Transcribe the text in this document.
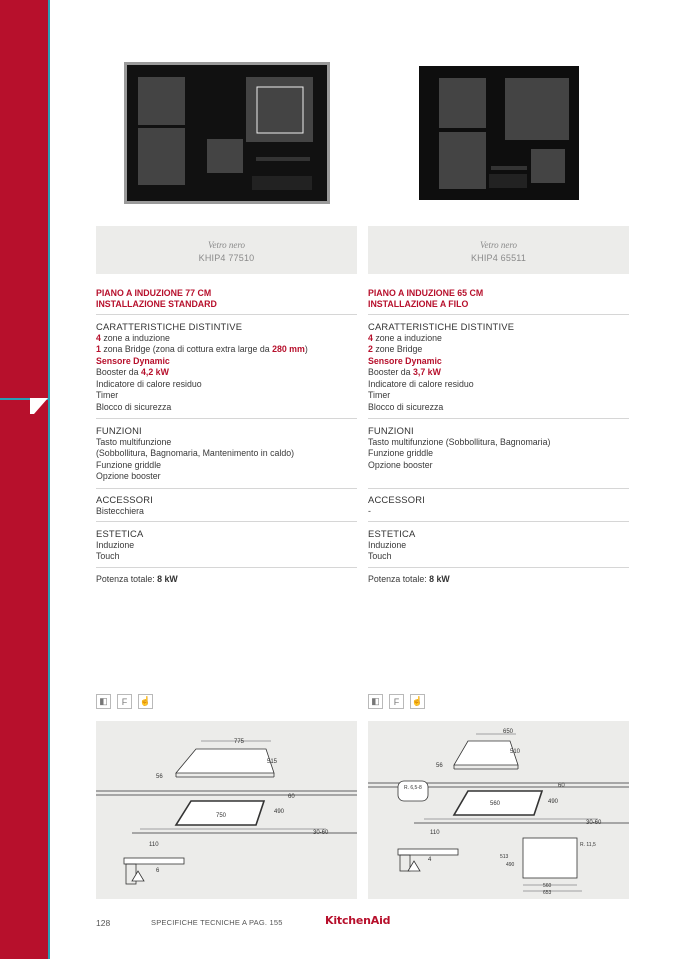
Vetro nero
KHIP4 77510
PIANO A INDUZIONE 77 CM
INSTALLAZIONE STANDARD
CARATTERISTICHE DISTINTIVE
4 zone a induzione
1 zona Bridge (zona di cottura extra large da 280 mm)
Sensore Dynamic
Booster da 4,2 kW
Indicatore di calore residuo
Timer
Blocco di sicurezza
FUNZIONI
Tasto multifunzione
(Sobbollitura, Bagnomaria, Mantenimento in caldo)
Funzione griddle
Opzione booster
ACCESSORI
Bistecchiera
ESTETICA
Induzione
Touch
Potenza totale: 8 kW
◧	F	☝
775
515
56
750
490
60
110
30-60
6
Vetro nero
KHIP4 65511
PIANO A INDUZIONE 65 CM
INSTALLAZIONE A FILO
CARATTERISTICHE DISTINTIVE
4 zone a induzione
2 zone Bridge
Sensore Dynamic
Booster da 3,7 kW
Indicatore di calore residuo
Timer
Blocco di sicurezza
FUNZIONI
Tasto multifunzione (Sobbollitura, Bagnomaria)
Funzione griddle
Opzione booster
ACCESSORI
-
ESTETICA
Induzione
Touch
Potenza totale: 8 kW
◧	F	☝
650
510
56
R. 6,5-8
560	490
60
110
30-60
4
R. 11,5
513
490
560
653
128	SPECIFICHE TECNICHE A PAG. 155	KitchenAid
